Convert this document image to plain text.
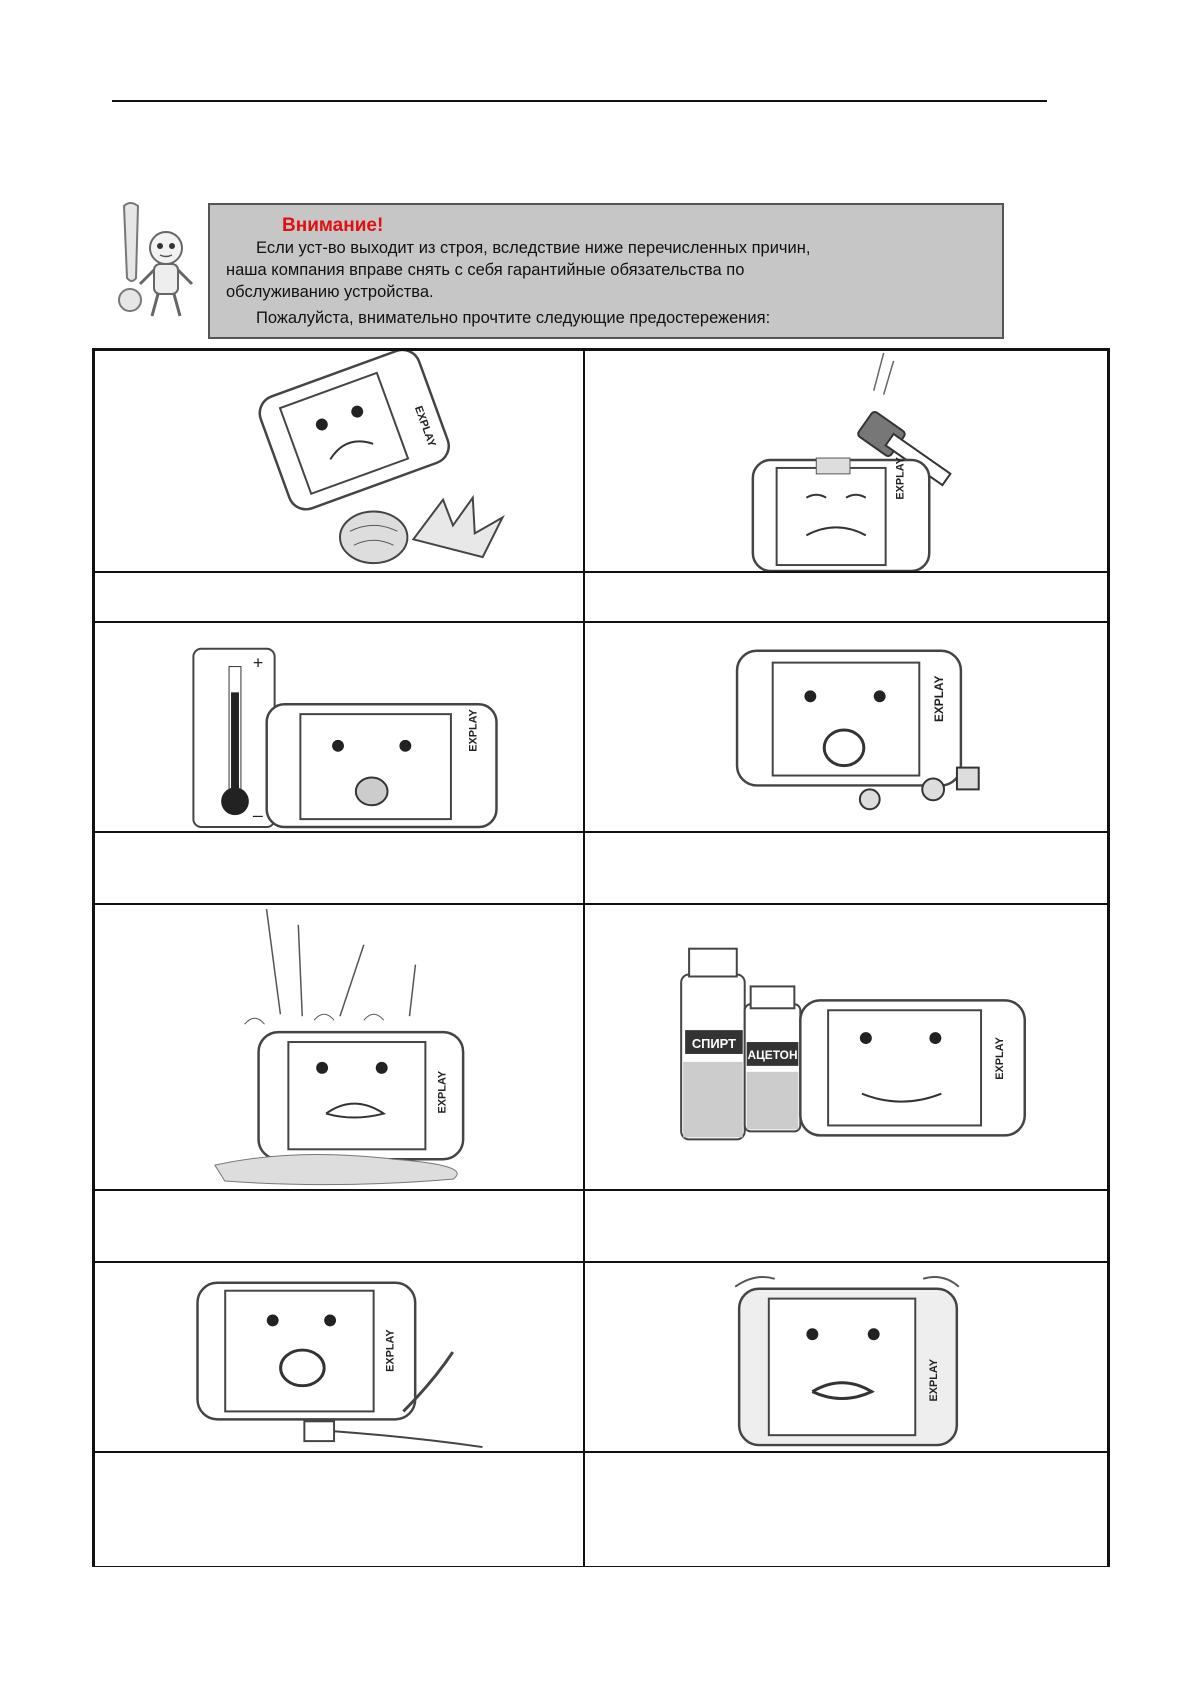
Внимание!
Если уст-во выходит из строя, вследствие ниже перечисленных причин,
наша компания вправе снять с себя гарантийные обязательства по
обслуживанию устройства.
Пожалуйста, внимательно прочтите следующие предостережения:
EXPLAY
EXPLAY
+
–
EXPLAY
EXPLAY
EXPLAY
СПИРТ
АЦЕТОН	EXPLAY
EXPLAY
EXPLAY
